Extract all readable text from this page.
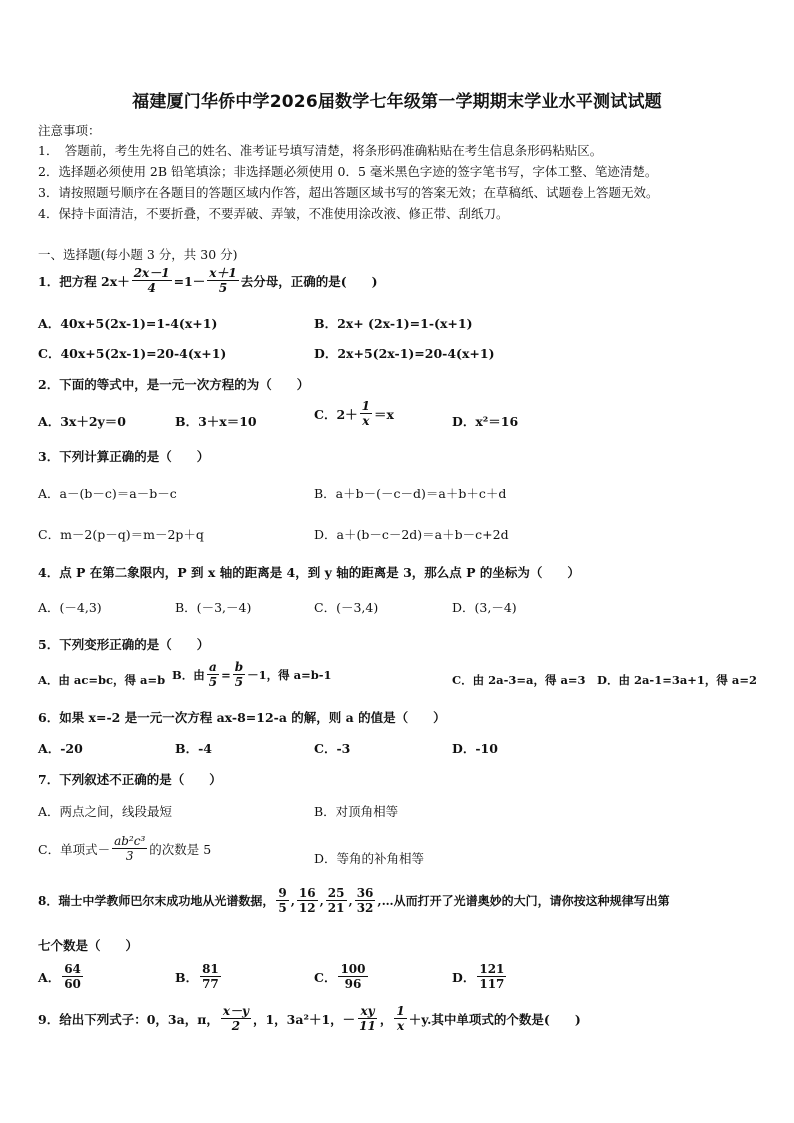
福建厦门华侨中学2026届数学七年级第一学期期末学业水平测试试题
注意事项：
1．　答题前，考生先将自己的姓名、准考证号填写清楚，将条形码准确粘贴在考生信息条形码粘贴区。
2．选择题必须使用 2B 铅笔填涂；非选择题必须使用 0．5 毫米黑色字迹的签字笔书写，字体工整、笔迹清楚。
3．请按照题号顺序在各题目的答题区域内作答，超出答题区域书写的答案无效；在草稿纸、试题卷上答题无效。
4．保持卡面清洁，不要折叠，不要弄破、弄皱，不准使用涂改液、修正带、刮纸刀。
一、选择题(每小题 3 分，共 30 分)
1．把方程 $2x+ \frac{2x-1}{4} =1- \frac{x+1}{5}$ 去分母，正确的是(　　)
A．40x+5(2x-1)=1-4(x+1)	B．2x+ (2x-1)=1-(x+1)
C．40x+5(2x-1)=20-4(x+1)	D．2x+5(2x-1)=20-4(x+1)
2．下面的等式中，是一元一次方程的为（　　）
A．3x＋2y＝0	B．3＋x＝10	C．$2+ \frac{1}{x} =x$	D．x²＝16
3．下列计算正确的是（　　）
A．a－(b－c)＝a－b－c	B．a＋b－(－c－d)＝a＋b＋c＋d
C．m－2(p－q)＝m－2p＋q	D．a＋(b－c－2d)＝a＋b－c+2d
4．点 P 在第二象限内，P 到 x 轴的距离是 4，到 y 轴的距离是 3，那么点 P 的坐标为（　　）
A．(－4,3)	B．(－3,－4)	C．(－3,4)	D．(3,－4)
5．下列变形正确的是（　　）
A．由 ac=bc，得 a=b B．由 $\frac{a}{5} = \frac{b}{5} -1$，得 a=b-1	C．由 2a-3=a，得 a=3 D．由 2a-1=3a+1，得 a=2
6．如果 x=-2 是一元一次方程 ax-8=12-a 的解，则 a 的值是（　　）
A．-20	B．-4	C．-3	D．-10
7．下列叙述不正确的是（　　）
A．两点之间，线段最短	B．对顶角相等
C．单项式－ $\frac{\text{ab²c³}}{3}$ 的次数是 5
D．等角的补角相等
8．瑞士中学教师巴尔末成功地从光谱数据， $\frac{9}{5}$ , $\frac{16}{12}$ , $\frac{25}{21}$ , $\frac{36}{32}$ , …从而打开了光谱奥妙的大门，请你按这种规律写出第
七个数是（　　）
A． $\frac{64}{60}$	B． $\frac{81}{77}$	C． $\frac{100}{96}$	D． $\frac{121}{117}$
9．给出下列式子：0，3a，π， $\frac{x-y}{2}$ ，1，3a²＋1，－ $\frac{xy}{11}$ ， $\frac{1}{x} +y$.其中单项式的个数是(　　)
